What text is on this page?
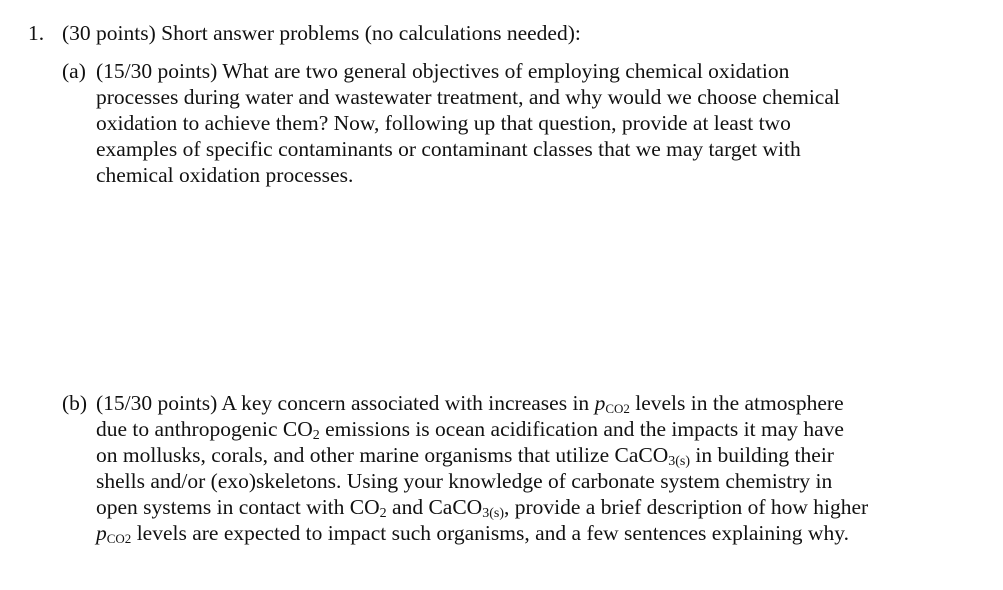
1. (30 points) Short answer problems (no calculations needed):
(a) (15/30 points) What are two general objectives of employing chemical oxidation
processes during water and wastewater treatment, and why would we choose chemical
oxidation to achieve them? Now, following up that question, provide at least two
examples of specific contaminants or contaminant classes that we may target with
chemical oxidation processes.
(b) (15/30 points) A key concern associated with increases in pCO2 levels in the atmosphere
due to anthropogenic $CO_2$ emissions is ocean acidification and the impacts it may have
on mollusks, corals, and other marine organisms that utilize CaCO$_{3(s)}$ in building their
shells and/or (exo)skeletons. Using your knowledge of carbonate system chemistry in
open systems in contact with $CO_2$ and CaCO$_{3(s)}$, provide a brief description of how higher
pCO2 levels are expected to impact such organisms, and a few sentences explaining why.
